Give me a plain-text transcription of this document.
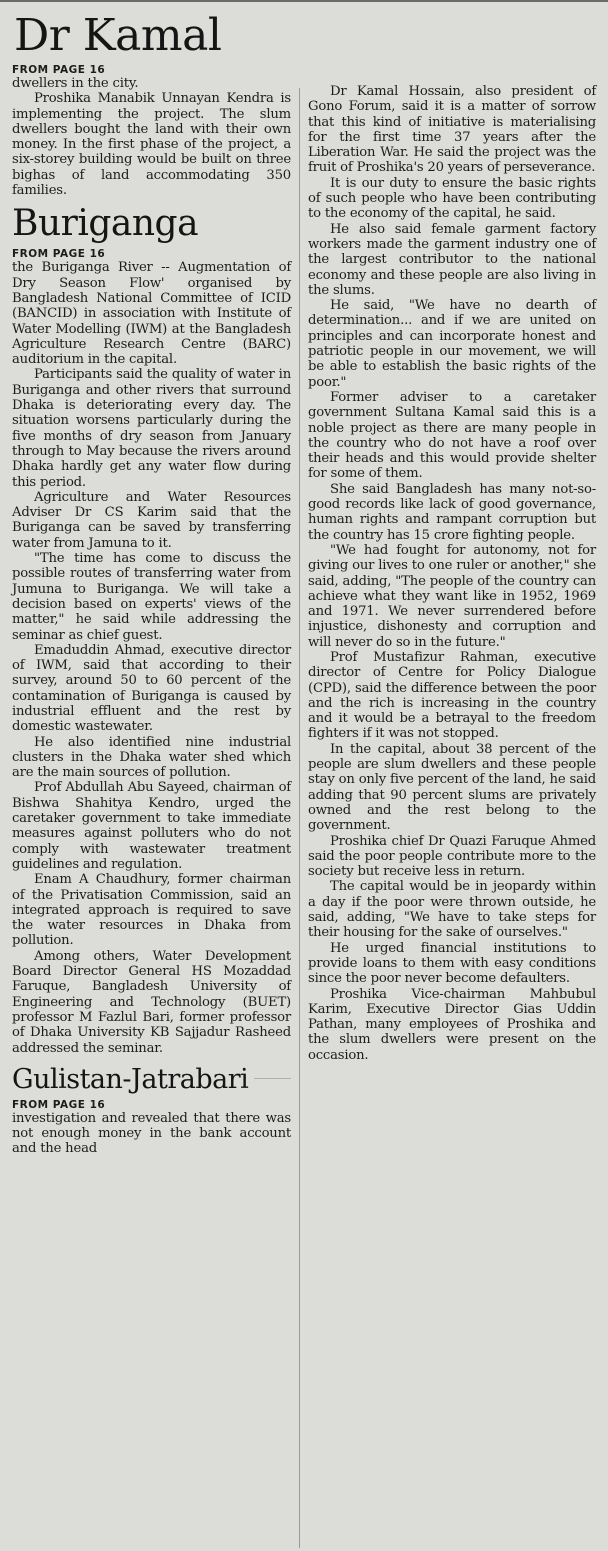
Dr Kamal

FROM PAGE 16

dwellers in the city.

Proshika Manabik Unnayan Kendra is implementing the project. The slum dwellers bought the land with their own money. In the first phase of the project, a six-storey building would be built on three bighas of land accommodating 350 families.

Buriganga

FROM PAGE 16

the Buriganga River -- Augmentation of Dry Season Flow' organised by Bangladesh National Committee of ICID (BANCID) in association with Institute of Water Modelling (IWM) at the Bangladesh Agriculture Research Centre (BARC) auditorium in the capital.

Participants said the quality of water in Buriganga and other rivers that surround Dhaka is deteriorating every day. The situation worsens particularly during the five months of dry season from January through to May because the rivers around Dhaka hardly get any water flow during this period.

Agriculture and Water Resources Adviser Dr CS Karim said that the Buriganga can be saved by transferring water from Jamuna to it.

"The time has come to discuss the possible routes of transferring water from Jumuna to Buriganga. We will take a decision based on experts' views of the matter," he said while addressing the seminar as chief guest.

Emaduddin Ahmad, executive director of IWM, said that according to their survey, around 50 to 60 percent of the contamination of Buriganga is caused by industrial effluent and the rest by domestic wastewater.

He also identified nine industrial clusters in the Dhaka water shed which are the main sources of pollution.

Prof Abdullah Abu Sayeed, chairman of Bishwa Shahitya Kendro, urged the caretaker government to take immediate measures against polluters who do not comply with wastewater treatment guidelines and regulation.

Enam A Chaudhury, former chairman of the Privatisation Commission, said an integrated approach is required to save the water resources in Dhaka from pollution.

Among others, Water Development Board Director General HS Mozaddad Faruque, Bangladesh University of Engineering and Technology (BUET) professor M Fazlul Bari, former professor of Dhaka University KB Sajjadur Rasheed addressed the seminar.

Gulistan-Jatrabari

FROM PAGE 16

investigation and revealed that there was not enough money in the bank account and the head

Dr Kamal Hossain, also president of Gono Forum, said it is a matter of sorrow that this kind of initiative is materialising for the first time 37 years after the Liberation War. He said the project was the fruit of Proshika's 20 years of perseverance.

It is our duty to ensure the basic rights of such people who have been contributing to the economy of the capital, he said.

He also said female garment factory workers made the garment industry one of the largest contributor to the national economy and these people are also living in the slums.

He said, "We have no dearth of determination... and if we are united on principles and can incorporate honest and patriotic people in our movement, we will be able to establish the basic rights of the poor."

Former adviser to a caretaker government Sultana Kamal said this is a noble project as there are many people in the country who do not have a roof over their heads and this would provide shelter for some of them.

She said Bangladesh has many not-so-good records like lack of good governance, human rights and rampant corruption but the country has 15 crore fighting people.

"We had fought for autonomy, not for giving our lives to one ruler or another," she said, adding, "The people of the country can achieve what they want like in 1952, 1969 and 1971. We never surrendered before injustice, dishonesty and corruption and will never do so in the future."

Prof Mustafizur Rahman, executive director of Centre for Policy Dialogue (CPD), said the difference between the poor and the rich is increasing in the country and it would be a betrayal to the freedom fighters if it was not stopped.

In the capital, about 38 percent of the people are slum dwellers and these people stay on only five percent of the land, he said adding that 90 percent slums are privately owned and the rest belong to the government.

Proshika chief Dr Quazi Faruque Ahmed said the poor people contribute more to the society but receive less in return.

The capital would be in jeopardy within a day if the poor were thrown outside, he said, adding, "We have to take steps for their housing for the sake of ourselves."

He urged financial institutions to provide loans to them with easy conditions since the poor never become defaulters.

Proshika Vice-chairman Mahbubul Karim, Executive Director Gias Uddin Pathan, many employees of Proshika and the slum dwellers were present on the occasion.
